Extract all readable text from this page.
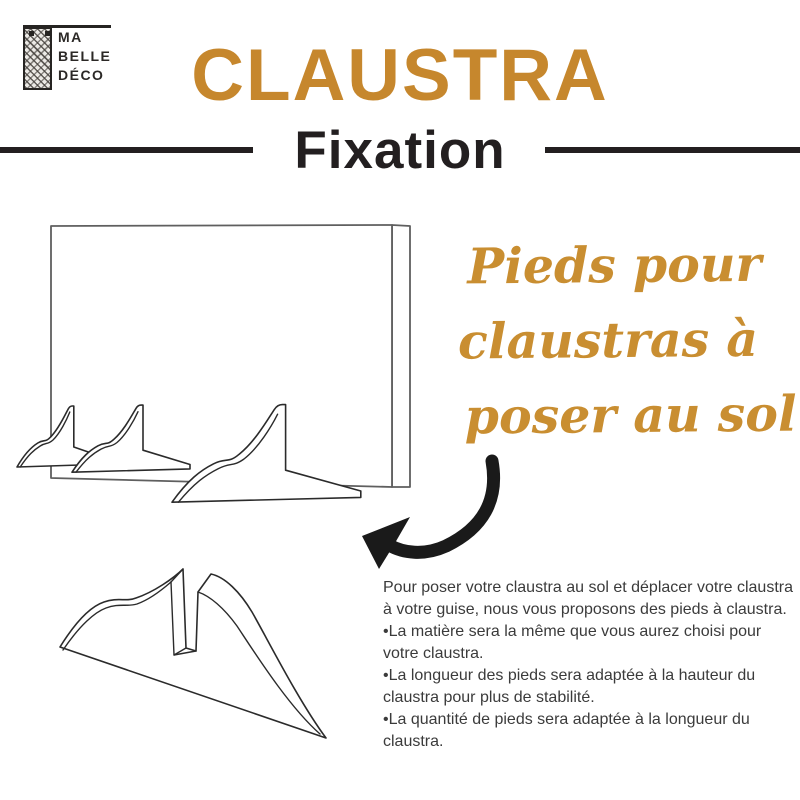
MA
BELLE
DÉCO	CLAUSTRA
Fixation
Pieds pour
claustras à
poser au sol

Pour poser votre claustra au sol et déplacer votre claustra à votre guise, nous vous proposons des pieds à claustra.

• La matière sera la même que vous aurez choisi pour votre claustra.

• La longueur des pieds sera adaptée à la hauteur du claustra pour plus de stabilité.

• La quantité de pieds sera adaptée à la longueur du claustra.
